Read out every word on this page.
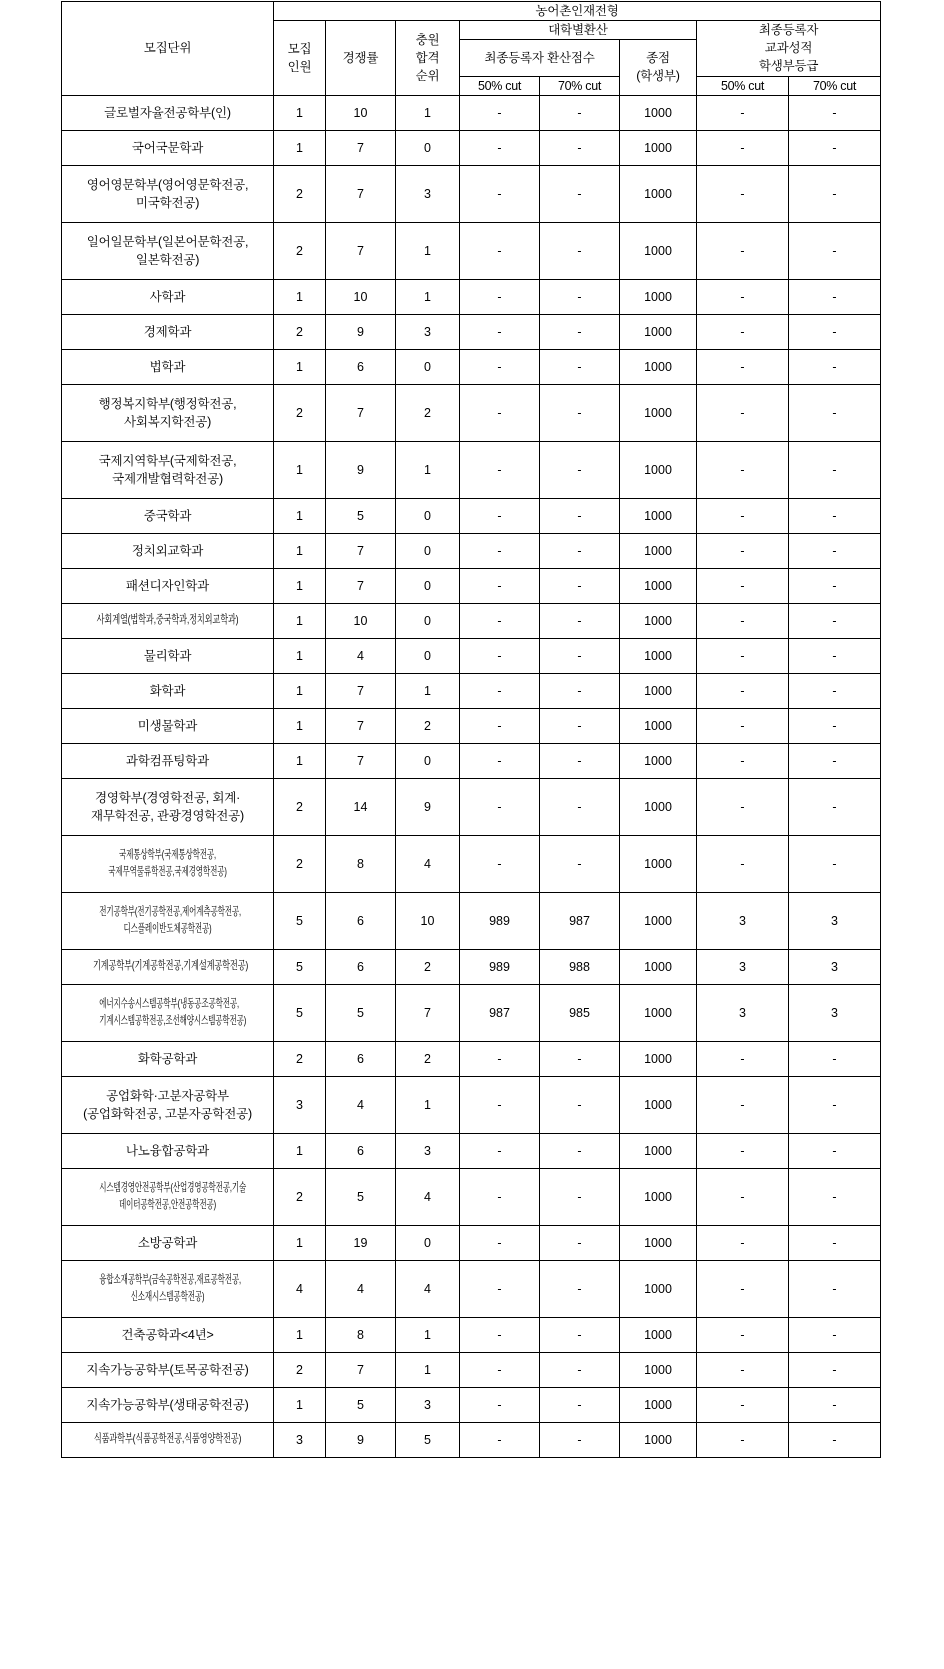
모집단위	농어촌인재전형							

	모집
인원	경쟁률	충원
합격
순위	대학별환산			최종등록자
교과성적
학생부등급	

				최종등록자 환산점수		종점
(학생부)		

				50% cut	70% cut		50% cut	70% cut

글로벌자율전공학부(인)	1	10	1	-	-	1000	-	-

국어국문학과	1	7	0	-	-	1000	-	-

영어영문학부(영어영문학전공,
미국학전공)	2	7	3	-	-	1000	-	-

일어일문학부(일본어문학전공,
일본학전공)	2	7	1	-	-	1000	-	-

사학과	1	10	1	-	-	1000	-	-

경제학과	2	9	3	-	-	1000	-	-

법학과	1	6	0	-	-	1000	-	-

행정복지학부(행정학전공,
사회복지학전공)	2	7	2	-	-	1000	-	-

국제지역학부(국제학전공,
국제개발협력학전공)	1	9	1	-	-	1000	-	-

중국학과	1	5	0	-	-	1000	-	-

정치외교학과	1	7	0	-	-	1000	-	-

패션디자인학과	1	7	0	-	-	1000	-	-

사회계열(법학과,중국학과,정치외교학과)	1	10	0	-	-	1000	-	-

물리학과	1	4	0	-	-	1000	-	-

화학과	1	7	1	-	-	1000	-	-

미생물학과	1	7	2	-	-	1000	-	-

과학컴퓨팅학과	1	7	0	-	-	1000	-	-

경영학부(경영학전공, 회계·
재무학전공, 관광경영학전공)	2	14	9	-	-	1000	-	-

국제통상학부(국제통상학전공,
국제무역물류학전공,국제경영학전공)	2	8	4	-	-	1000	-	-

전기공학부(전기공학전공,제어계측공학전공,
디스플레이반도체공학전공)	5	6	10	989	987	1000	3	3

기계공학부(기계공학전공,기계설계공학전공)	5	6	2	989	988	1000	3	3

에너지수송시스템공학부(냉동공조공학전공,
기계시스템공학전공,조선해양시스템공학전공)	5	5	7	987	985	1000	3	3

화학공학과	2	6	2	-	-	1000	-	-

공업화학·고분자공학부
(공업화학전공, 고분자공학전공)	3	4	1	-	-	1000	-	-

나노융합공학과	1	6	3	-	-	1000	-	-

시스템경영안전공학부(산업경영공학전공,기술
데이터공학전공,안전공학전공)	2	5	4	-	-	1000	-	-

소방공학과	1	19	0	-	-	1000	-	-

융합소재공학부(금속공학전공,재료공학전공,
신소재시스템공학전공)	4	4	4	-	-	1000	-	-

건축공학과<4년>	1	8	1	-	-	1000	-	-

지속가능공학부(토목공학전공)	2	7	1	-	-	1000	-	-

지속가능공학부(생태공학전공)	1	5	3	-	-	1000	-	-

식품과학부(식품공학전공,식품영양학전공)	3	9	5	-	-	1000	-	-
